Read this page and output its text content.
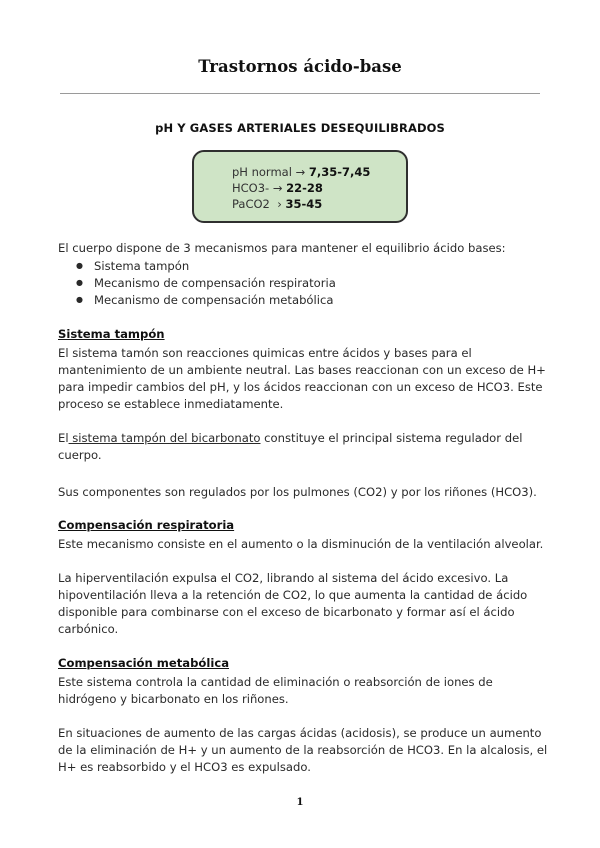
Trastornos ácido-base
pH Y GASES ARTERIALES DESEQUILIBRADOS
pH normal → 7,35-7,45
HCO3- → 22-28
PaCO2 › 35-45
El cuerpo dispone de 3 mecanismos para mantener el equilibrio ácido bases:
● Sistema tampón
● Mecanismo de compensación respiratoria
● Mecanismo de compensación metabólica
Sistema tampón
El sistema tamón son reacciones quimicas entre ácidos y bases para el
mantenimiento de un ambiente neutral. Las bases reaccionan con un exceso de H+
para impedir cambios del pH, y los ácidos reaccionan con un exceso de HCO3. Este
proceso se establece inmediatamente.
El sistema tampón del bicarbonato constituye el principal sistema regulador del
cuerpo.
Sus componentes son regulados por los pulmones (CO2) y por los riñones (HCO3).
Compensación respiratoria
Este mecanismo consiste en el aumento o la disminución de la ventilación alveolar.
La hiperventilación expulsa el CO2, librando al sistema del ácido excesivo. La
hipoventilación lleva a la retención de CO2, lo que aumenta la cantidad de ácido
disponible para combinarse con el exceso de bicarbonato y formar así el ácido
carbónico.
Compensación metabólica
Este sistema controla la cantidad de eliminación o reabsorción de iones de
hidrógeno y bicarbonato en los riñones.
En situaciones de aumento de las cargas ácidas (acidosis), se produce un aumento
de la eliminación de H+ y un aumento de la reabsorción de HCO3. En la alcalosis, el
H+ es reabsorbido y el HCO3 es expulsado.
1
